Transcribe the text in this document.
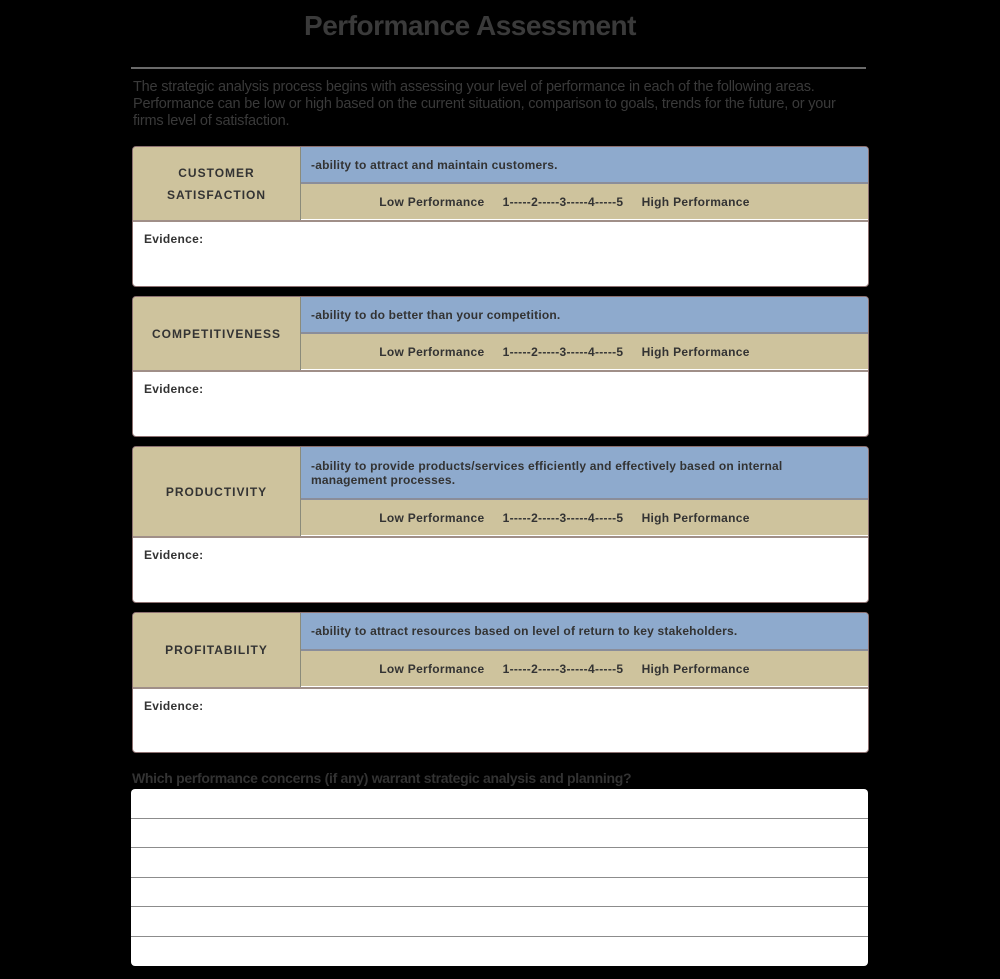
Performance Assessment
The strategic analysis process begins with assessing your level of performance in each of the following areas. Performance can be low or high based on the current situation, comparison to goals, trends for the future, or your firms level of satisfaction.
CUSTOMER SATISFACTION
-ability to attract and maintain customers.
Low Performance
1-----2-----3-----4-----5
High Performance
Evidence:
COMPETITIVENESS
-ability to do better than your competition.
Low Performance
1-----2-----3-----4-----5
High Performance
Evidence:
PRODUCTIVITY
-ability to provide products/services efficiently and effectively based on internal management processes.
Low Performance
1-----2-----3-----4-----5
High Performance
Evidence:
PROFITABILITY
-ability to attract resources based on level of return to key stakeholders.
Low Performance
1-----2-----3-----4-----5
High Performance
Evidence:
Which performance concerns (if any) warrant strategic analysis and planning?
